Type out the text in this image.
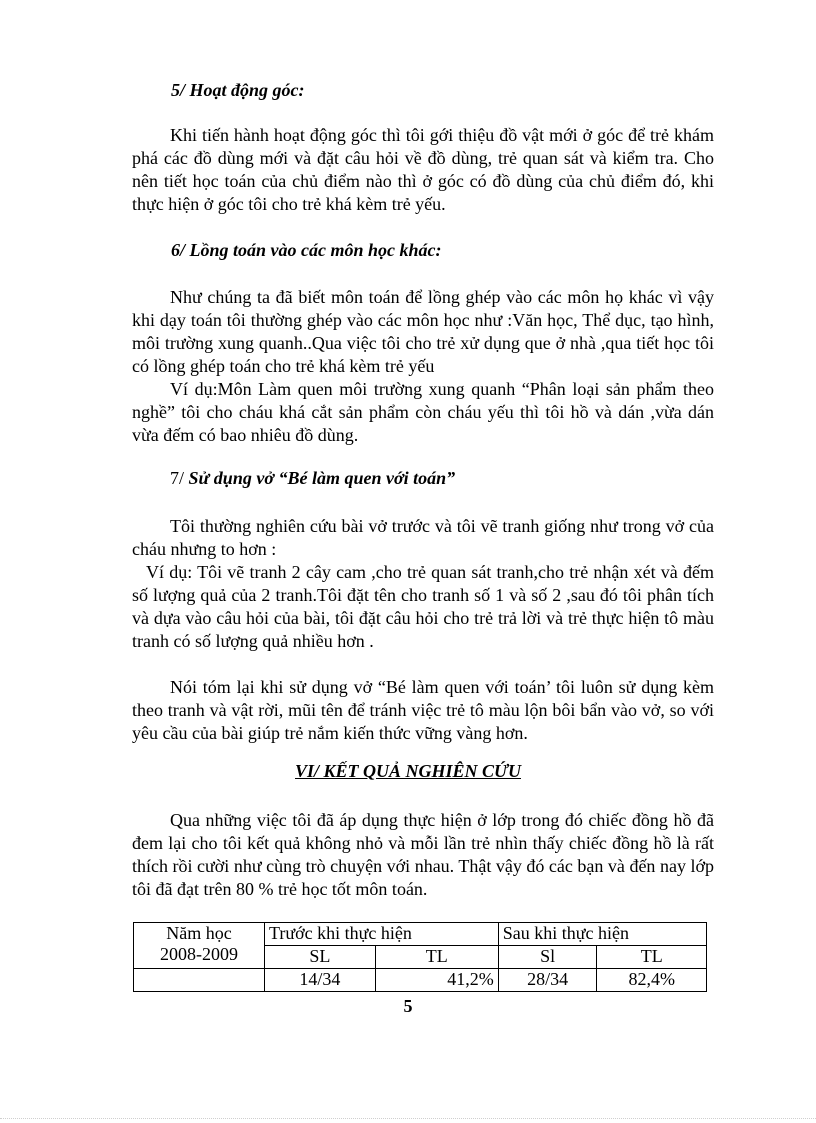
5/ Hoạt động góc:

Khi tiến hành hoạt động góc thì tôi gới thiệu đồ vật mới ở góc để trẻ khám phá các đồ dùng mới và đặt câu hỏi về đồ dùng, trẻ quan sát và kiểm tra. Cho nên tiết học toán của chủ điểm nào thì ở góc có đồ dùng của chủ điểm đó, khi thực hiện ở góc tôi cho trẻ khá kèm trẻ yếu.

6/ Lồng toán vào các môn học khác:

Như chúng ta đã biết môn toán để lồng ghép vào các môn họ khác vì vậy khi dạy toán tôi thường ghép vào các môn học như :Văn học, Thể dục, tạo hình, môi trường xung quanh..Qua việc tôi cho trẻ xử dụng que ở nhà ,qua tiết học tôi có lồng ghép toán cho trẻ khá kèm trẻ yếu

Ví dụ:Môn Làm quen môi trường xung quanh “Phân loại sản phẩm theo nghề” tôi cho cháu khá cắt sản phẩm còn cháu yếu thì tôi hồ và dán ,vừa dán vừa đếm có bao nhiêu đồ dùng.

7/ Sử dụng vở “Bé làm quen với toán”

Tôi thường nghiên cứu bài vở trước và tôi vẽ tranh giống như trong vở của cháu nhưng to hơn :

Ví dụ: Tôi vẽ tranh 2 cây cam ,cho trẻ quan sát tranh,cho trẻ nhận xét và đếm số lượng quả của 2 tranh.Tôi đặt tên cho tranh số 1 và số 2 ,sau đó tôi phân tích và dựa vào câu hỏi của bài, tôi đặt câu hỏi cho trẻ trả lời và trẻ thực hiện tô màu tranh có số lượng quả nhiều hơn .

Nói tóm lại khi sử dụng vở “Bé làm quen với toán’ tôi luôn sử dụng kèm theo tranh và vật rời, mũi tên để tránh việc trẻ tô màu lộn bôi bẩn vào vở, so với yêu cầu của bài giúp trẻ nắm kiến thức vững vàng hơn.

VI/ KẾT QUẢ NGHIÊN CỨU

Qua những việc tôi đã áp dụng thực hiện ở lớp trong đó chiếc đồng hồ đã đem lại cho tôi kết quả không nhỏ và mỗi lần trẻ nhìn thấy chiếc đồng hồ là rất thích rồi cười như cùng trò chuyện với nhau. Thật vậy đó các bạn và đến nay lớp tôi đã đạt trên 80 % trẻ học tốt môn toán.

Năm học
2008-2009	Trước khi thực hiện		Sau khi thực hiện	
	SL	TL	Sl	TL
	14/34	41,2%	28/34	82,4%
5
